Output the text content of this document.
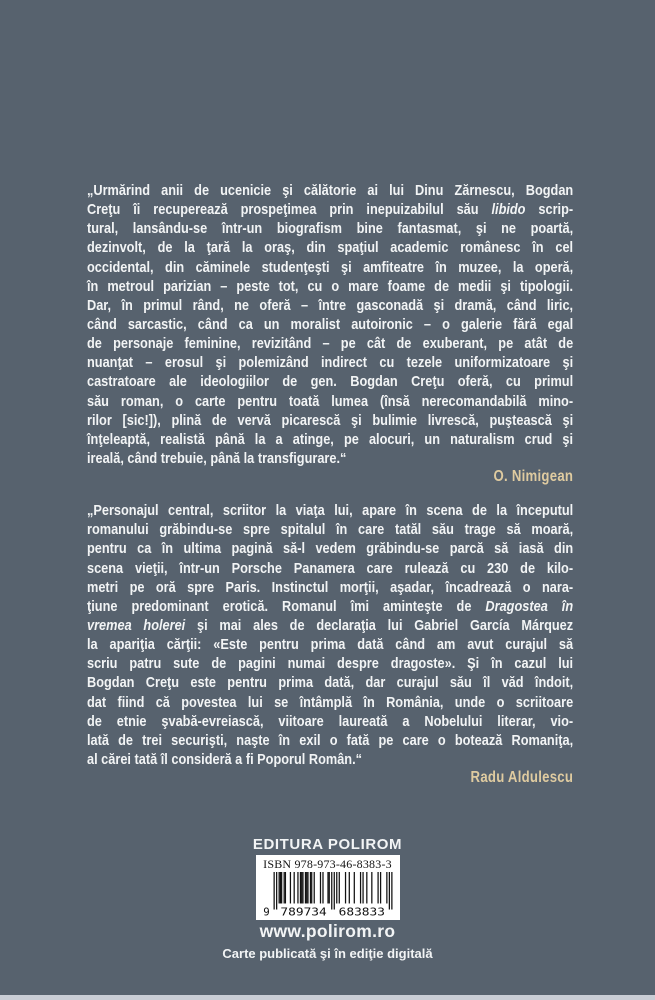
„Urmărind anii de ucenicie şi călătorie ai lui Dinu Zărnescu, Bogdan
Creţu îi recuperează prospeţimea prin inepuizabilul său libido scrip-
tural, lansându-se într-un biografism bine fantasmat, şi ne poartă,
dezinvolt, de la ţară la oraş, din spaţiul academic românesc în cel
occidental, din căminele studenţeşti şi amfiteatre în muzee, la operă,
în metroul parizian – peste tot, cu o mare foame de medii şi tipologii.
Dar, în primul rând, ne oferă – între gasconadă şi dramă, când liric,
când sarcastic, când ca un moralist autoironic – o galerie fără egal
de personaje feminine, revizitând – pe cât de exuberant, pe atât de
nuanţat – erosul şi polemizând indirect cu tezele uniformizatoare şi
castratoare ale ideologiilor de gen. Bogdan Creţu oferă, cu primul
său roman, o carte pentru toată lumea (însă nerecomandabilă mino-
rilor [sic!]), plină de vervă picarescă şi bulimie livrescă, puştească şi
înţeleaptă, realistă până la a atinge, pe alocuri, un naturalism crud şi
ireală, când trebuie, până la transfigurare.“
O. Nimigean
„Personajul central, scriitor la viaţa lui, apare în scena de la începutul
romanului grăbindu-se spre spitalul în care tatăl său trage să moară,
pentru ca în ultima pagină să-l vedem grăbindu-se parcă să iasă din
scena vieţii, într-un Porsche Panamera care rulează cu 230 de kilo-
metri pe oră spre Paris. Instinctul morţii, aşadar, încadrează o nara-
ţiune predominant erotică. Romanul îmi aminteşte de Dragostea în
vremea holerei şi mai ales de declaraţia lui Gabriel García Márquez
la apariţia cărţii: «Este pentru prima dată când am avut curajul să
scriu patru sute de pagini numai despre dragoste». Şi în cazul lui
Bogdan Creţu este pentru prima dată, dar curajul său îl văd îndoit,
dat fiind că povestea lui se întâmplă în România, unde o scriitoare
de etnie şvabă-evreiască, viitoare laureată a Nobelului literar, vio-
lată de trei securişti, naşte în exil o fată pe care o botează Romaniţa,
al cărei tată îl consideră a fi Poporul Român.“
Radu Aldulescu
EDITURA POLIROM
ISBN 978-973-46-8383-3
9 789734 683833
www.polirom.ro
Carte publicată şi în ediţie digitală
